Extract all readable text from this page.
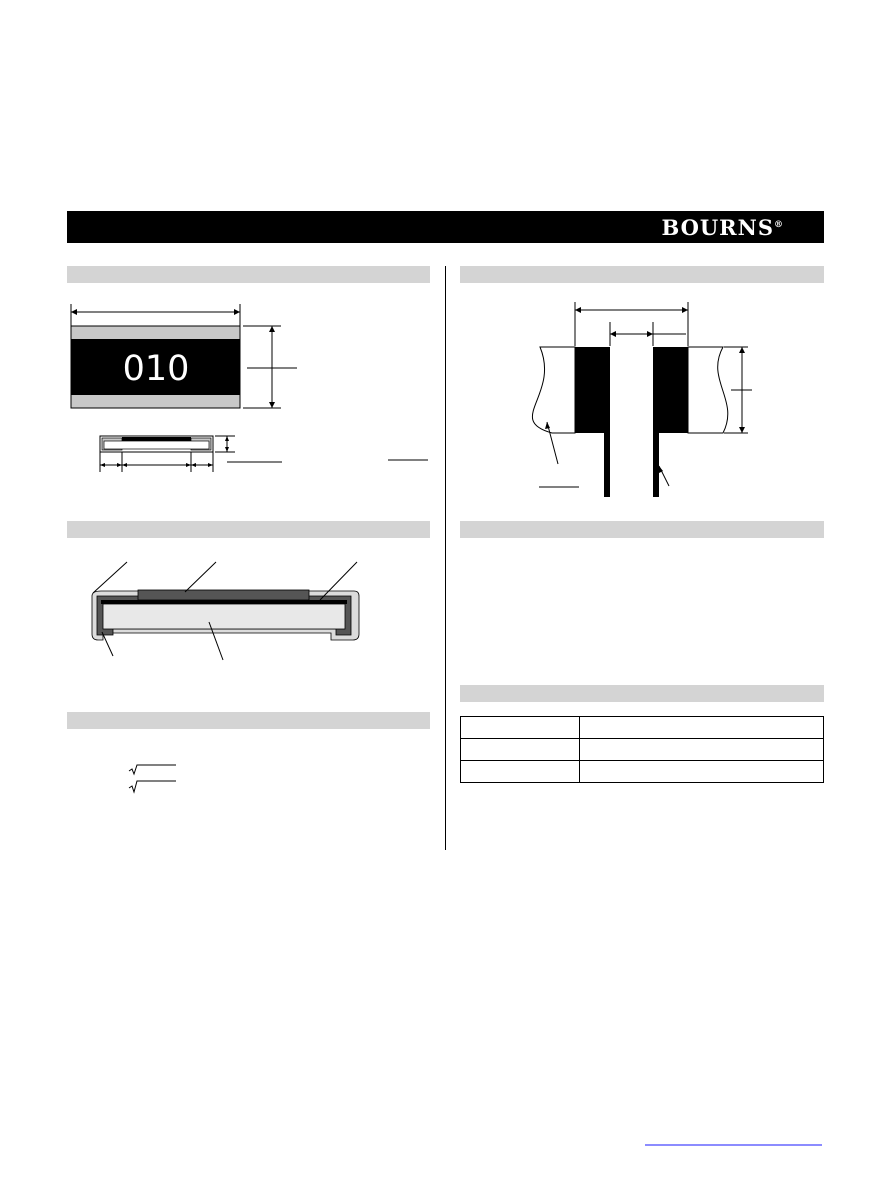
BOURNS®
010
